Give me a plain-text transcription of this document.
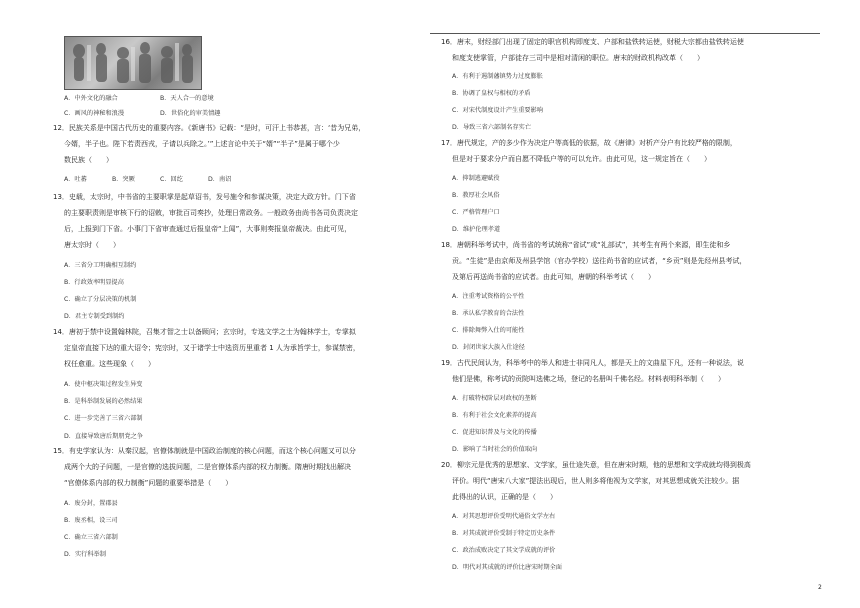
A．中外文化的融合	B．天人合一的意境
C．画风的神秘和浪漫	D．世俗化的审美情趣
12．民族关系是中国古代历史的重要内容。《新唐书》记载：“是时，可汗上书恭甚，言：‘昔为兄弟，
今婿，半子也。陛下若责西戎，子请以兵除之。’”上述言论中关于“婿”“半子”是属于哪个少
数民族（　　）
A．吐蕃	B．突厥	C．回纥	D．南诏
13．史载，太宗时，中书省的主要职掌是起草诏书，发号施令和参谋决策，决定大政方针。门下省
的主要职责则是审核下行的诏敕，审批百司奏抄，处理日常政务。一般政务由尚书各司负责决定
后，上报到门下省。小事门下省审查通过后报皇帝“上闻”，大事则奏报皇帝裁决。由此可见，
唐太宗时（　　）
A．三省分工明确相互制约
B．行政效率明显提高
C．确立了分层决策的机制
D．君主专制受到制约
14．唐初于禁中设置翰林院，召集才智之士以备顾问；玄宗时，专选文学之士为翰林学士，专掌拟
定皇帝直接下达的重大诏令；宪宗时，又于诸学士中选资历里重者 1 人为承旨学士，参谋禁密，
权任愈重。这些现象（　　）
A．使中枢决策过程发生异变
B．是科举制发展的必然结果
C．进一步完善了三省六部制
D．直接导致唐后期朋党之争
15．有史学家认为：从秦汉起，官僚体制就是中国政治制度的核心问题，而这个核心问题又可以分
成两个大的子问题，一是官僚的选拔问题，二是官僚体系内部的权力制衡。隋唐时期找出解决
“官僚体系内部的权力制衡”问题的重要举措是（　　）
A．废分封，置郡县
B．废丞相，设三司
C．确立三省六部制
D．实行科举制
16．唐末，财经部门出现了固定的职官机构即度支、户部和盐铁转运使，财税大宗都由盐铁转运使
和度支使掌管，户部徒存三司中是相对清闲的职位。唐末的财政机构改革（　　）
A．有利于遏制藩镇势力过度膨胀
B．协调了皇权与相权的矛盾
C．对宋代制度设计产生重要影响
D．导致三省六部制名存实亡
17．唐代规定，产的多少作为决定户等高低的依据，故《唐律》对析产分户有比较严格的限制，
但是对于要求分户而自愿不降低户等的可以允许。由此可见，这一规定旨在（　　）
A．抑制逃避赋役
B．教厚社会风俗
C．严格管理户口
D．维护伦理孝道
18．唐朝科举考试中，尚书省的考试统称“省试”或“礼部试”，其考生有两个来源，即生徒和乡
贡。“生徒”是由京师及州县学馆（官办学校）送往尚书省的应试者，“乡贡”则是先经州县考试，
及第后再送尚书省的应试者。由此可知，唐朝的科举考试（　　）
A．注重考试资格的公平性
B．承认私学教育的合法性
C．排除舞弊入仕的可能性
D．封闭世家大族入仕途径
19．古代民间认为，科举考中的举人和进士非同凡人，都是天上的文曲星下凡，还有一种说法，说
他们是佛，称考试的贡院叫选佛之场，登记的名册叫千佛名经。材料表明科举制（　　）
A．打破特权阶层对政权的垄断
B．有利于社会文化素养的提高
C．促进知识普及与文化的传播
D．影响了当时社会的价值取向
20．柳宗元是优秀的思想家、文学家，虽仕途失意，但在唐宋时期，他的思想和文学成就均得到极高
评价。明代“唐宋八大家”提法出现后，世人则多将他视为文学家，对其思想成就关注较少。据
此得出的认识，正确的是（　　）
A．对其思想评价受明代通俗文学左右
B．对其成就评价受制于特定历史条件
C．政治成败决定了其文学成就的评价
D．明代对其成就的评价比唐宋时期全面
2
